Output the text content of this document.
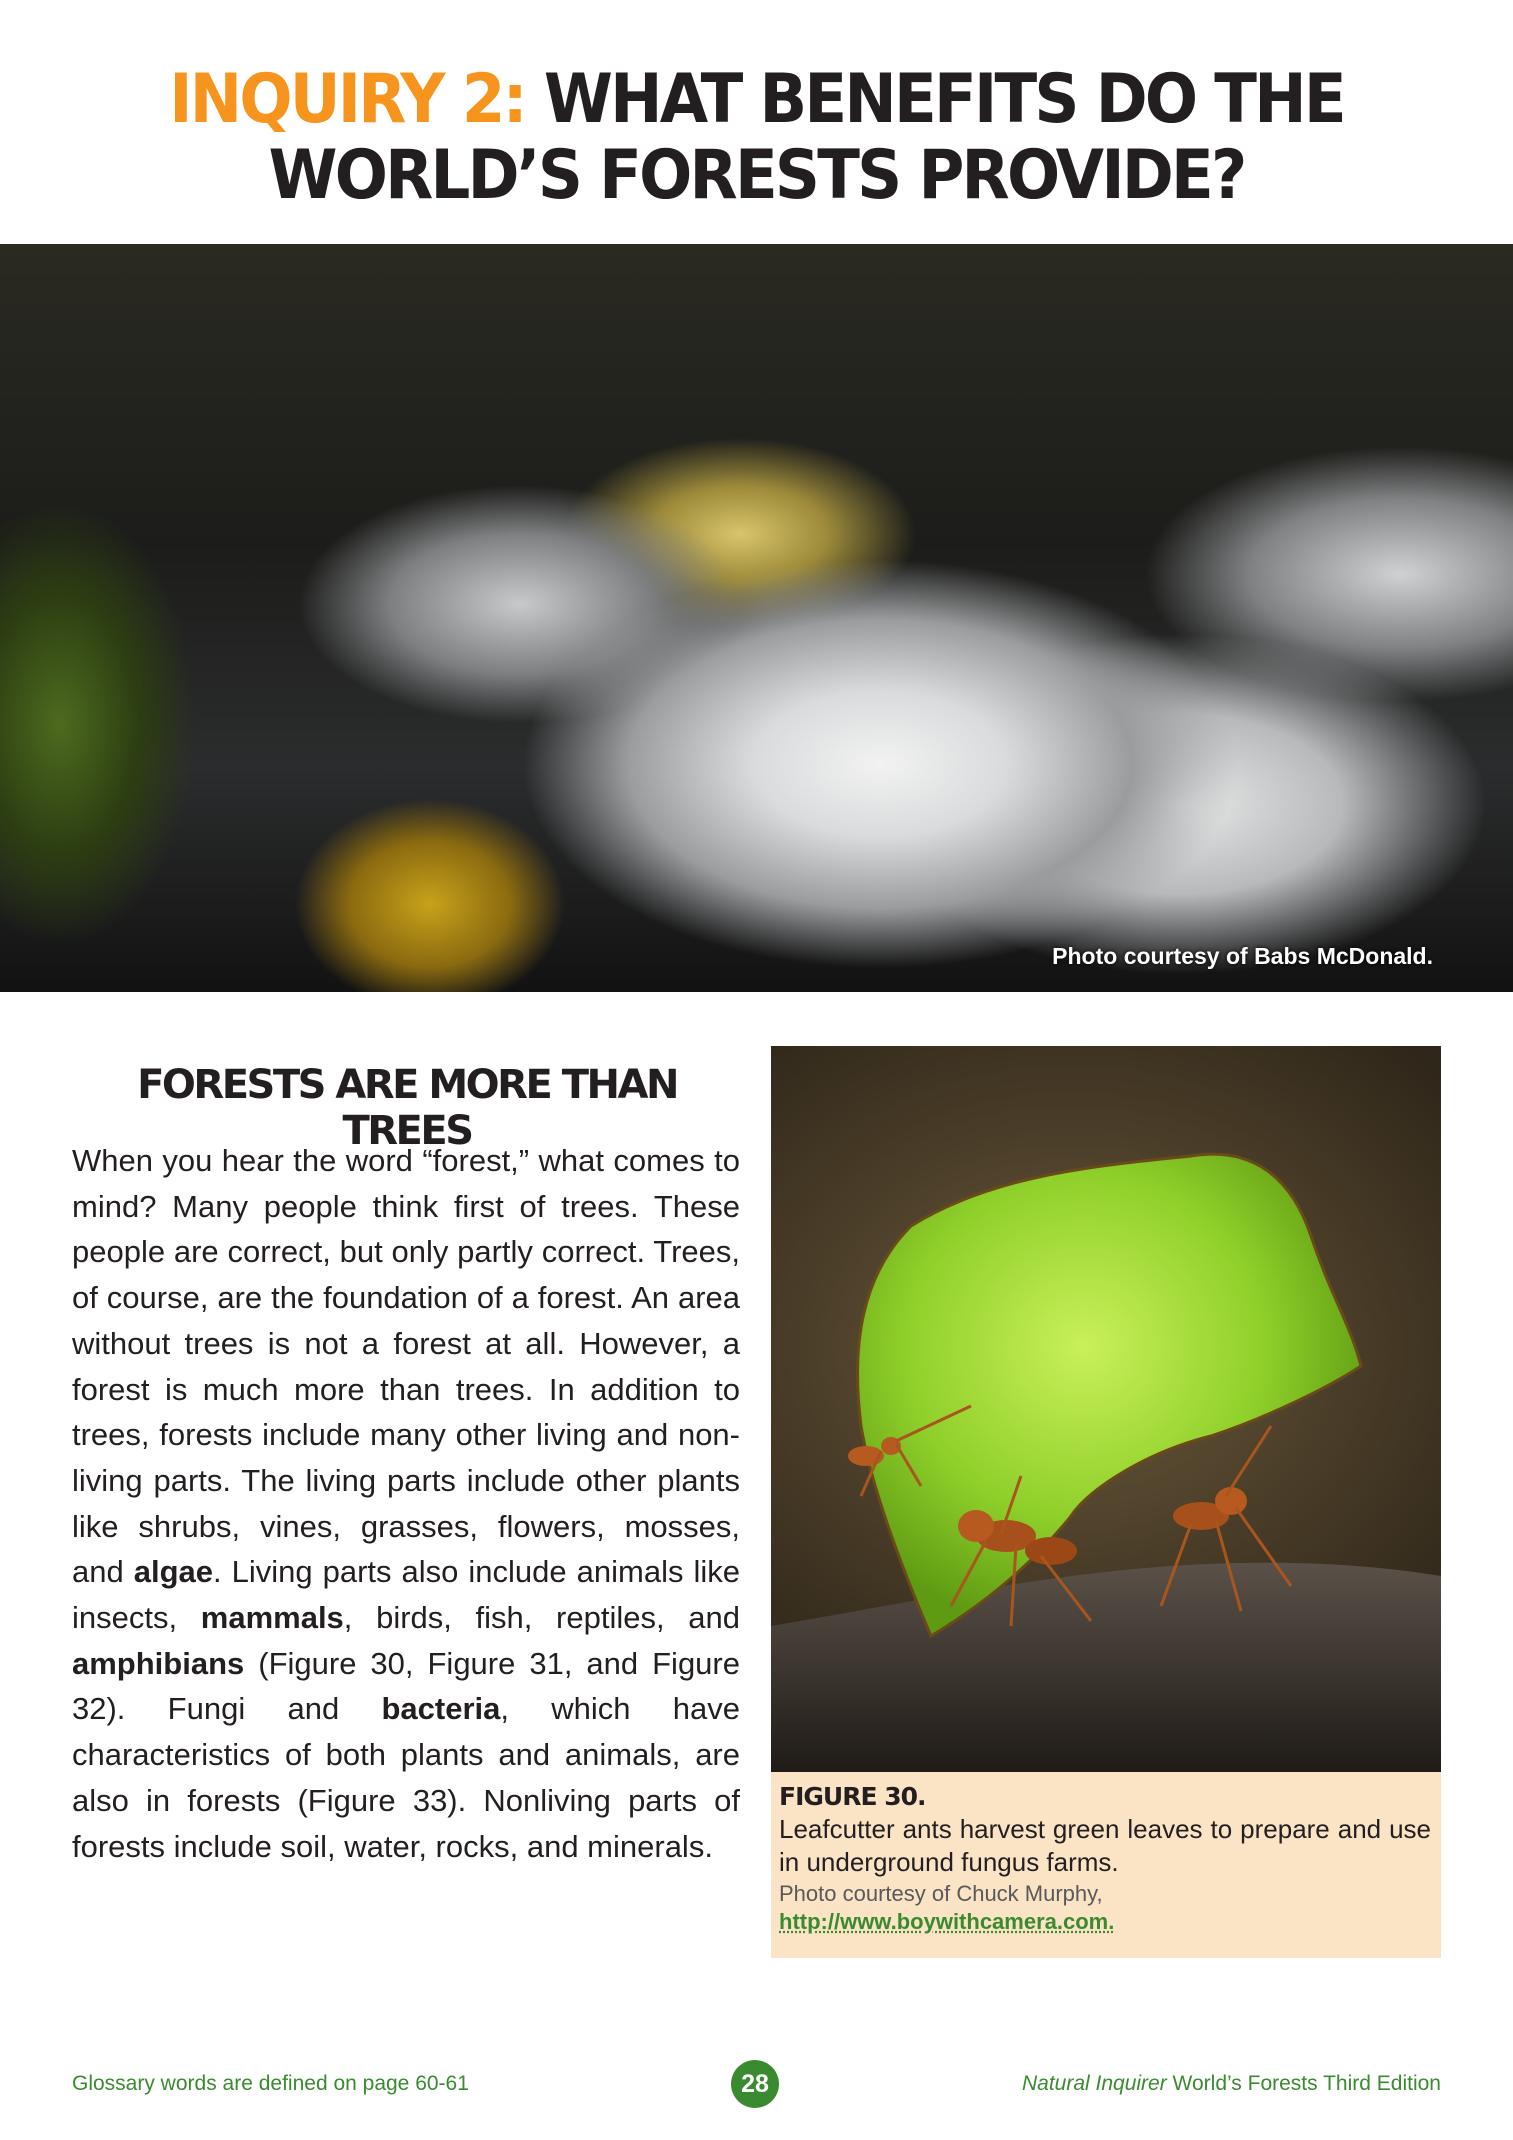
INQUIRY 2: WHAT BENEFITS DO THE WORLD’S FORESTS PROVIDE?
Photo courtesy of Babs McDonald.
FORESTS ARE MORE THAN TREES
When you hear the word “forest,” what comes to mind? Many people think first of trees. These people are correct, but only partly correct. Trees, of course, are the foundation of a forest. An area without trees is not a forest at all. However, a forest is much more than trees. In addition to trees, forests include many other living and non-living parts. The living parts include other plants like shrubs, vines, grasses, flowers, mosses, and algae. Living parts also include animals like insects, mammals, birds, fish, reptiles, and amphibians (Figure 30, Figure 31, and Figure 32). Fungi and bacteria, which have characteristics of both plants and animals, are also in forests (Figure 33). Nonliving parts of forests include soil, water, rocks, and minerals.
FIGURE 30.
Leafcutter ants harvest green leaves to prepare and use in underground fungus farms.
Photo courtesy of Chuck Murphy,
http://www.boywithcamera.com.
Glossary words are defined on page 60-61	28	Natural Inquirer World’s Forests Third Edition
